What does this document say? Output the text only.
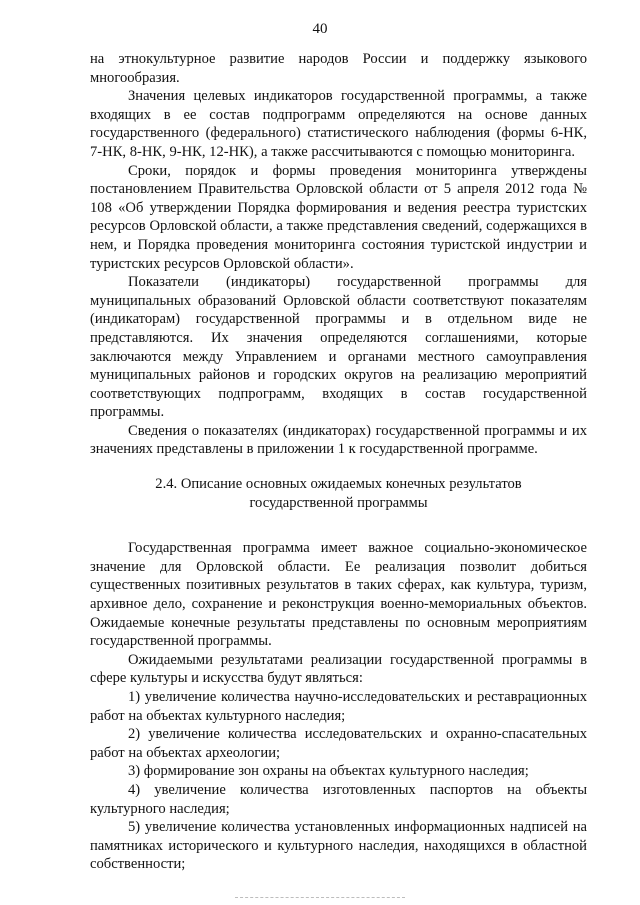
40

на этнокультурное развитие народов России и поддержку языкового многообразия.

Значения целевых индикаторов государственной программы, а также входящих в ее состав подпрограмм определяются на основе данных государственного (федерального) статистического наблюдения (формы 6-НК, 7-НК, 8-НК, 9-НК, 12-НК), а также рассчитываются с помощью мониторинга.

Сроки, порядок и формы проведения мониторинга утверждены постановлением Правительства Орловской области от 5 апреля 2012 года № 108 «Об утверждении Порядка формирования и ведения реестра туристских ресурсов Орловской области, а также представления сведений, содержащихся в нем, и Порядка проведения мониторинга состояния туристской индустрии и туристских ресурсов Орловской области».

Показатели (индикаторы) государственной программы для муниципальных образований Орловской области соответствуют показателям (индикаторам) государственной программы и в отдельном виде не представляются. Их значения определяются соглашениями, которые заключаются между Управлением и органами местного самоуправления муниципальных районов и городских округов на реализацию мероприятий соответствующих подпрограмм, входящих в состав государственной программы.

Сведения о показателях (индикаторах) государственной программы и их значениях представлены в приложении 1 к государственной программе.

2.4. Описание основных ожидаемых конечных результатов
государственной программы

Государственная программа имеет важное социально-экономическое значение для Орловской области. Ее реализация позволит добиться существенных позитивных результатов в таких сферах, как культура, туризм, архивное дело, сохранение и реконструкция военно-мемориальных объектов. Ожидаемые конечные результаты представлены по основным мероприятиям государственной программы.

Ожидаемыми результатами реализации государственной программы в сфере культуры и искусства будут являться:

1) увеличение количества научно-исследовательских и реставрационных работ на объектах культурного наследия;

2) увеличение количества исследовательских и охранно-спасательных работ на объектах археологии;

3) формирование зон охраны на объектах культурного наследия;

4) увеличение количества изготовленных паспортов на объекты культурного наследия;

5) увеличение количества установленных информационных надписей на памятниках исторического и культурного наследия, находящихся в областной собственности;
